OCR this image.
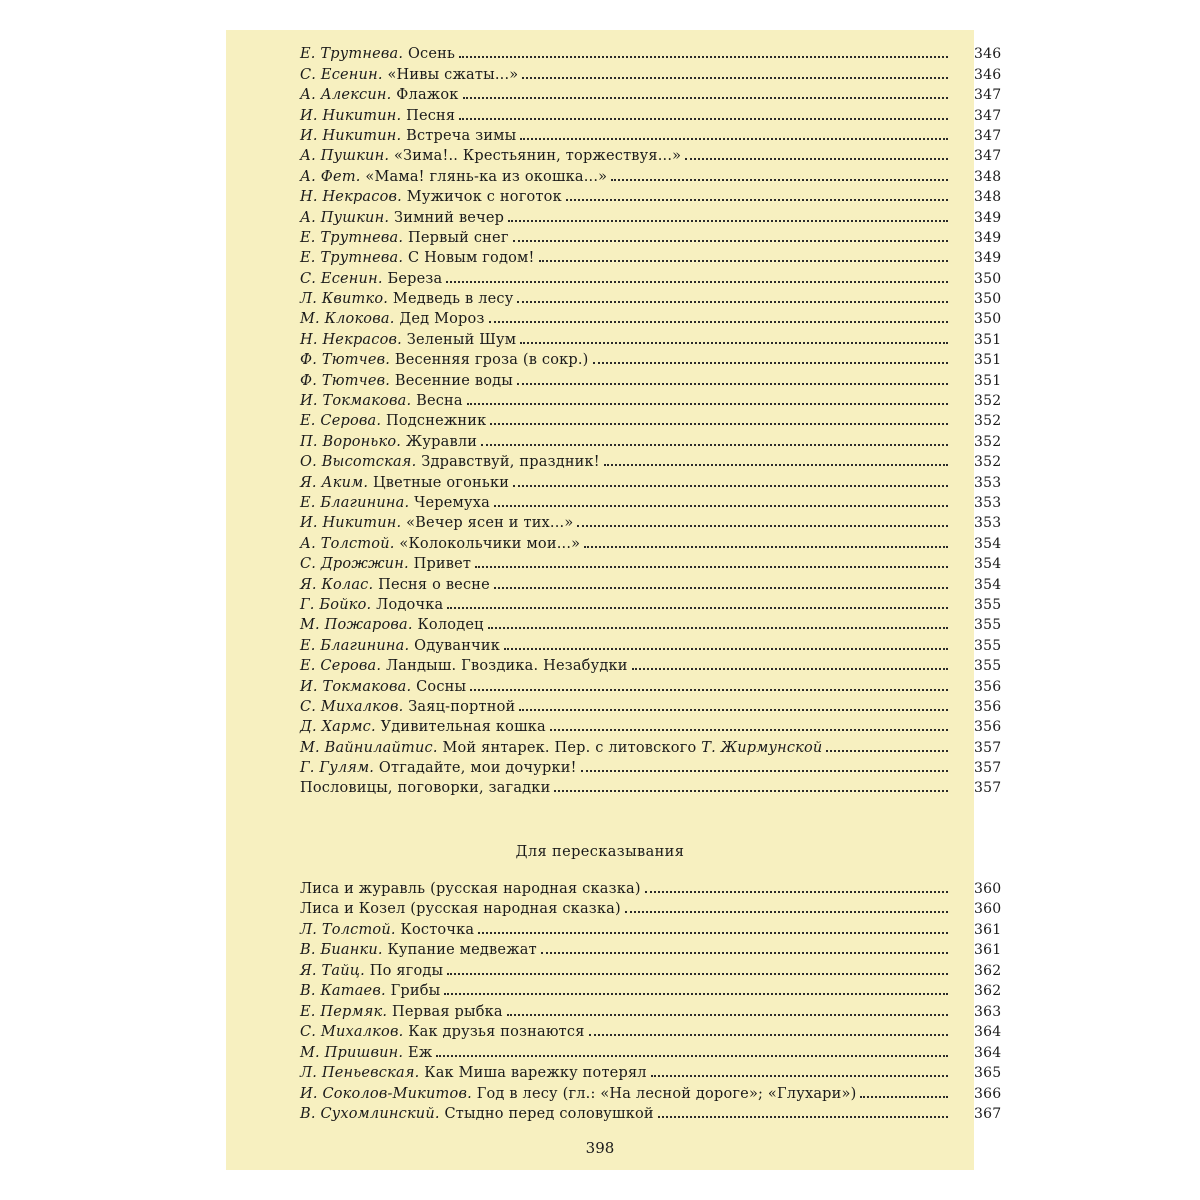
Е. Трутнева. Осень	346
С. Есенин. «Нивы сжаты...»	346
А. Алексин. Флажок	347
И. Никитин. Песня	347
И. Никитин. Встреча зимы	347
А. Пушкин. «Зима!.. Крестьянин, торжествуя...»	347
А. Фет. «Мама! глянь-ка из окошка...»	348
Н. Некрасов. Мужичок с ноготок	348
А. Пушкин. Зимний вечер	349
Е. Трутнева. Первый снег	349
Е. Трутнева. С Новым годом!	349
С. Есенин. Береза	350
Л. Квитко. Медведь в лесу	350
М. Клокова. Дед Мороз	350
Н. Некрасов. Зеленый Шум	351
Ф. Тютчев. Весенняя гроза (в сокр.)	351
Ф. Тютчев. Весенние воды	351
И. Токмакова. Весна	352
Е. Серова. Подснежник	352
П. Воронько. Журавли	352
О. Высотская. Здравствуй, праздник!	352
Я. Аким. Цветные огоньки	353
Е. Благинина. Черемуха	353
И. Никитин. «Вечер ясен и тих...»	353
А. Толстой. «Колокольчики мои...»	354
С. Дрожжин. Привет	354
Я. Колас. Песня о весне	354
Г. Бойко. Лодочка	355
М. Пожарова. Колодец	355
Е. Благинина. Одуванчик	355
Е. Серова. Ландыш. Гвоздика. Незабудки	355
И. Токмакова. Сосны	356
С. Михалков. Заяц-портной	356
Д. Хармс. Удивительная кошка	356
М. Вайнилайтис. Мой янтарек. Пер. с литовского Т. Жирмунской	357
Г. Гулям. Отгадайте, мои дочурки!	357
Пословицы, поговорки, загадки	357
Для пересказывания
Лиса и журавль (русская народная сказка)	360
Лиса и Козел (русская народная сказка)	360
Л. Толстой. Косточка	361
В. Бианки. Купание медвежат	361
Я. Тайц. По ягоды	362
В. Катаев. Грибы	362
Е. Пермяк. Первая рыбка	363
С. Михалков. Как друзья познаются	364
М. Пришвин. Еж	364
Л. Пеньевская. Как Миша варежку потерял	365
И. Соколов-Микитов. Год в лесу (гл.: «На лесной дороге»; «Глухари»)	366
В. Сухомлинский. Стыдно перед соловушкой	367
398
